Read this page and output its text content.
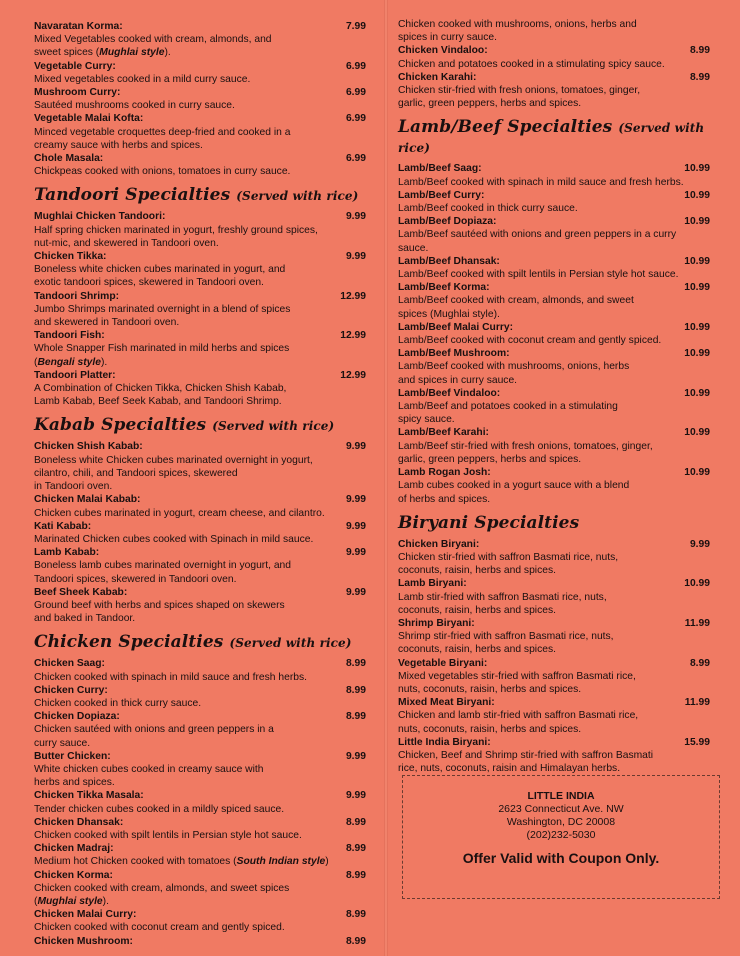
Navaratan Korma:	7.99
Mixed Vegetables cooked with cream, almonds, and
sweet spices (Mughlai style).
Vegetable Curry:	6.99
Mixed vegetables cooked in a mild curry sauce.
Mushroom Curry:	6.99
Sautéed mushrooms cooked in curry sauce.
Vegetable Malai Kofta:	6.99
Minced vegetable croquettes deep-fried and cooked in a
creamy sauce with herbs and spices.
Chole Masala:	6.99
Chickpeas cooked with onions, tomatoes in curry sauce.
Tandoori Specialties (Served with rice)
Mughlai Chicken Tandoori:	9.99
Half spring chicken marinated in yogurt, freshly ground spices,
nut-mic, and skewered in Tandoori oven.
Chicken Tikka:	9.99
Boneless white chicken cubes marinated in yogurt, and
exotic tandoori spices, skewered in Tandoori oven.
Tandoori Shrimp:	12.99
Jumbo Shrimps marinated overnight in a blend of spices
and skewered in Tandoori oven.
Tandoori Fish:	12.99
Whole Snapper Fish marinated in mild herbs and spices
(Bengali style).
Tandoori Platter:	12.99
A Combination of Chicken Tikka, Chicken Shish Kabab,
Lamb Kabab, Beef Seek Kabab, and Tandoori Shrimp.
Kabab Specialties (Served with rice)
Chicken Shish Kabab:	9.99
Boneless white Chicken cubes marinated overnight in yogurt,
cilantro, chili, and Tandoori spices, skewered
in Tandoori oven.
Chicken Malai Kabab:	9.99
Chicken cubes marinated in yogurt, cream cheese, and cilantro.
Kati Kabab:	9.99
Marinated Chicken cubes cooked with Spinach in mild sauce.
Lamb Kabab:	9.99
Boneless lamb cubes marinated overnight in yogurt, and
Tandoori spices, skewered in Tandoori oven.
Beef Sheek Kabab:	9.99
Ground beef with herbs and spices shaped on skewers
and baked in Tandoor.
Chicken Specialties (Served with rice)
Chicken Saag:	8.99
Chicken cooked with spinach in mild sauce and fresh herbs.
Chicken Curry:	8.99
Chicken cooked in thick curry sauce.
Chicken Dopiaza:	8.99
Chicken sautéed with onions and green peppers in a
curry sauce.
Butter Chicken:	9.99
White chicken cubes cooked in creamy sauce with
herbs and spices.
Chicken Tikka Masala:	9.99
Tender chicken cubes cooked in a mildly spiced sauce.
Chicken Dhansak:	8.99
Chicken cooked with spilt lentils in Persian style hot sauce.
Chicken Madraj:	8.99
Medium hot Chicken cooked with tomatoes (South Indian style)
Chicken Korma:	8.99
Chicken cooked with cream, almonds, and sweet spices
(Mughlai style).
Chicken Malai Curry:	8.99
Chicken cooked with coconut cream and gently spiced.
Chicken Mushroom:	8.99
Chicken cooked with mushrooms, onions, herbs and
spices in curry sauce.
Chicken Vindaloo:	8.99
Chicken and potatoes cooked in a stimulating spicy sauce.
Chicken Karahi:	8.99
Chicken stir-fried with fresh onions, tomatoes, ginger,
garlic, green peppers, herbs and spices.
Lamb/Beef Specialties (Served with rice)
Lamb/Beef Saag:	10.99
Lamb/Beef cooked with spinach in mild sauce and fresh herbs.
Lamb/Beef Curry:	10.99
Lamb/Beef cooked in thick curry sauce.
Lamb/Beef Dopiaza:	10.99
Lamb/Beef sautéed with onions and green peppers in a curry
sauce.
Lamb/Beef Dhansak:	10.99
Lamb/Beef cooked with spilt lentils in Persian style hot sauce.
Lamb/Beef Korma:	10.99
Lamb/Beef cooked with cream, almonds, and sweet
spices (Mughlai style).
Lamb/Beef Malai Curry:	10.99
Lamb/Beef cooked with coconut cream and gently spiced.
Lamb/Beef Mushroom:	10.99
Lamb/Beef cooked with mushrooms, onions, herbs
and spices in curry sauce.
Lamb/Beef Vindaloo:	10.99
Lamb/Beef and potatoes cooked in a stimulating
spicy sauce.
Lamb/Beef Karahi:	10.99
Lamb/Beef stir-fried with fresh onions, tomatoes, ginger,
garlic, green peppers, herbs and spices.
Lamb Rogan Josh:	10.99
Lamb cubes cooked in a yogurt sauce with a blend
of herbs and spices.
Biryani Specialties
Chicken Biryani:	9.99
Chicken stir-fried with saffron Basmati rice, nuts,
coconuts, raisin, herbs and spices.
Lamb Biryani:	10.99
Lamb stir-fried with saffron Basmati rice, nuts,
coconuts, raisin, herbs and spices.
Shrimp Biryani:	11.99
Shrimp stir-fried with saffron Basmati rice, nuts,
coconuts, raisin, herbs and spices.
Vegetable Biryani:	8.99
Mixed vegetables stir-fried with saffron Basmati rice,
nuts, coconuts, raisin, herbs and spices.
Mixed Meat Biryani:	11.99
Chicken and lamb stir-fried with saffron Basmati rice,
nuts, coconuts, raisin, herbs and spices.
Little India Biryani:	15.99
Chicken, Beef and Shrimp stir-fried with saffron Basmati
rice, nuts, coconuts, raisin and Himalayan herbs.
LITTLE INDIA
2623 Connecticut Ave. NW
Washington, DC 20008
(202)232-5030
Offer Valid with Coupon Only.
